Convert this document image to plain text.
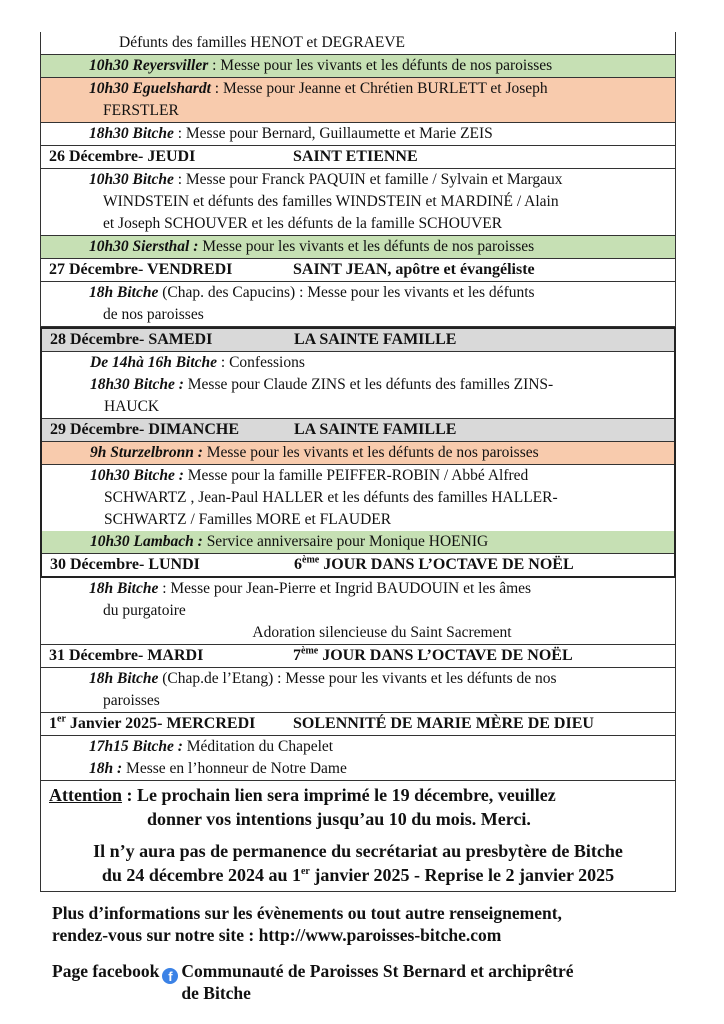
Défunts des familles HENOT et DEGRAEVE
10h30 Reyersviller : Messe pour les vivants et les défunts de nos paroisses
10h30 Eguelshardt : Messe pour Jeanne et Chrétien BURLETT et Joseph
FERSTLER
18h30 Bitche : Messe pour Bernard, Guillaumette et Marie ZEIS
26 Décembre- JEUDI	SAINT ETIENNE
10h30 Bitche : Messe pour Franck PAQUIN et famille / Sylvain et Margaux
WINDSTEIN et défunts des familles WINDSTEIN et MARDINÉ / Alain
et Joseph SCHOUVER et les défunts de la famille SCHOUVER
10h30 Siersthal : Messe pour les vivants et les défunts de nos paroisses
27 Décembre- VENDREDI	SAINT JEAN, apôtre et évangéliste
18h Bitche (Chap. des Capucins) : Messe pour les vivants et les défunts
de nos paroisses
28 Décembre- SAMEDI	LA SAINTE FAMILLE
De 14hà 16h Bitche : Confessions
18h30 Bitche : Messe pour Claude ZINS et les défunts des familles ZINS-
HAUCK
29 Décembre- DIMANCHE	LA SAINTE FAMILLE
9h Sturzelbronn : Messe pour les vivants et les défunts de nos paroisses
10h30 Bitche : Messe pour la famille PEIFFER-ROBIN / Abbé Alfred
SCHWARTZ , Jean-Paul HALLER et les défunts des familles HALLER-
SCHWARTZ / Familles MORE et FLAUDER
10h30 Lambach : Service anniversaire pour Monique HOENIG
30 Décembre- LUNDI	6ème JOUR DANS L’OCTAVE DE NOËL
18h Bitche : Messe pour Jean-Pierre et Ingrid BAUDOUIN et les âmes
du purgatoire
Adoration silencieuse du Saint Sacrement
31 Décembre- MARDI	7ème JOUR DANS L’OCTAVE DE NOËL
18h Bitche (Chap.de l’Etang) : Messe pour les vivants et les défunts de nos
paroisses
1er Janvier 2025- MERCREDI	SOLENNITÉ DE MARIE MÈRE DE DIEU
17h15 Bitche : Méditation du Chapelet
18h : Messe en l’honneur de Notre Dame
Attention : Le prochain lien sera imprimé le 19 décembre, veuillez
donner vos intentions jusqu’au 10 du mois. Merci.
Il n’y aura pas de permanence du secrétariat au presbytère de Bitche
du 24 décembre 2024 au 1er janvier 2025 - Reprise le 2 janvier 2025
Plus d’informations sur les évènements ou tout autre renseignement,
rendez-vous sur notre site : http://www.paroisses-bitche.com
Page facebook f Communauté de Paroisses St Bernard et archiprêtré
de Bitche
